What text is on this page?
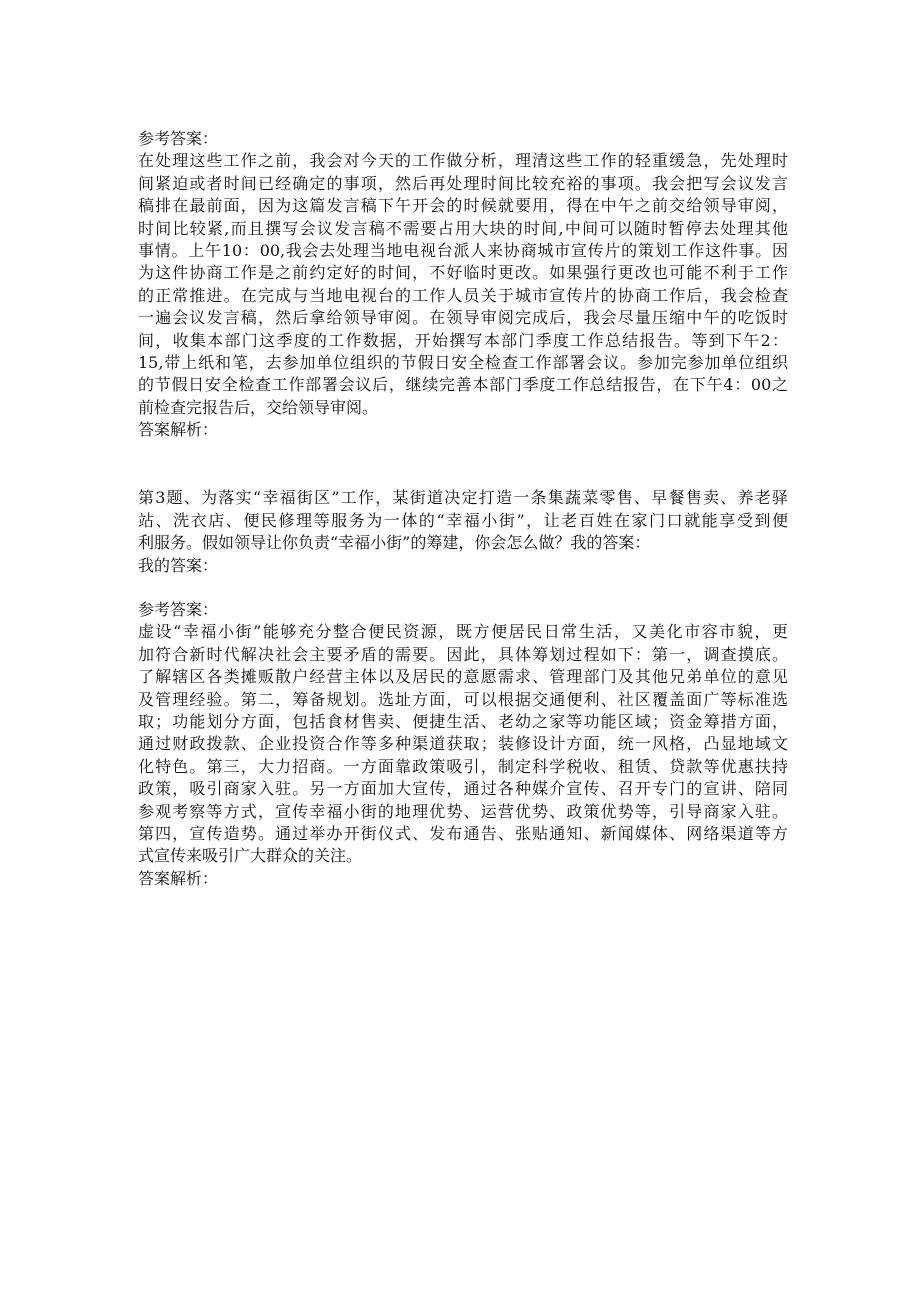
参考答案：
在处理这些工作之前，我会对今天的工作做分析，理清这些工作的轻重缓急，先处理时
间紧迫或者时间已经确定的事项，然后再处理时间比较充裕的事项。我会把写会议发言
稿排在最前面，因为这篇发言稿下午开会的时候就要用，得在中午之前交给领导审阅，
时间比较紧,而且撰写会议发言稿不需要占用大块的时间,中间可以随时暂停去处理其他
事情。上午10：00,我会去处理当地电视台派人来协商城市宣传片的策划工作这件事。因
为这件协商工作是之前约定好的时间，不好临时更改。如果强行更改也可能不利于工作
的正常推进。在完成与当地电视台的工作人员关于城市宣传片的协商工作后，我会检查
一遍会议发言稿，然后拿给领导审阅。在领导审阅完成后，我会尽量压缩中午的吃饭时
间，收集本部门这季度的工作数据，开始撰写本部门季度工作总结报告。等到下午2：
15,带上纸和笔，去参加单位组织的节假日安全检查工作部署会议。参加完参加单位组织
的节假日安全检查工作部署会议后，继续完善本部门季度工作总结报告，在下午4：00之
前检查完报告后，交给领导审阅。
答案解析：
第3题、为落实“幸福街区”工作，某街道决定打造一条集蔬菜零售、早餐售卖、养老驿
站、洗衣店、便民修理等服务为一体的“幸福小街”，让老百姓在家门口就能享受到便
利服务。假如领导让你负责“幸福小街”的筹建，你会怎么做？我的答案：
我的答案：
参考答案：
虚设“幸福小街”能够充分整合便民资源，既方便居民日常生活，又美化市容市貌，更
加符合新时代解决社会主要矛盾的需要。因此，具体筹划过程如下：第一，调查摸底。
了解辖区各类摊贩散户经营主体以及居民的意愿需求、管理部门及其他兄弟单位的意见
及管理经验。第二，筹备规划。选址方面，可以根据交通便利、社区覆盖面广等标准选
取；功能划分方面，包括食材售卖、便捷生活、老幼之家等功能区域；资金筹措方面，
通过财政拨款、企业投资合作等多种渠道获取；装修设计方面，统一风格，凸显地域文
化特色。第三，大力招商。一方面靠政策吸引，制定科学税收、租赁、贷款等优惠扶持
政策，吸引商家入驻。另一方面加大宣传，通过各种媒介宣传、召开专门的宣讲、陪同
参观考察等方式，宣传幸福小街的地理优势、运营优势、政策优势等，引导商家入驻。
第四，宣传造势。通过举办开街仪式、发布通告、张贴通知、新闻媒体、网络渠道等方
式宣传来吸引广大群众的关注。
答案解析：
